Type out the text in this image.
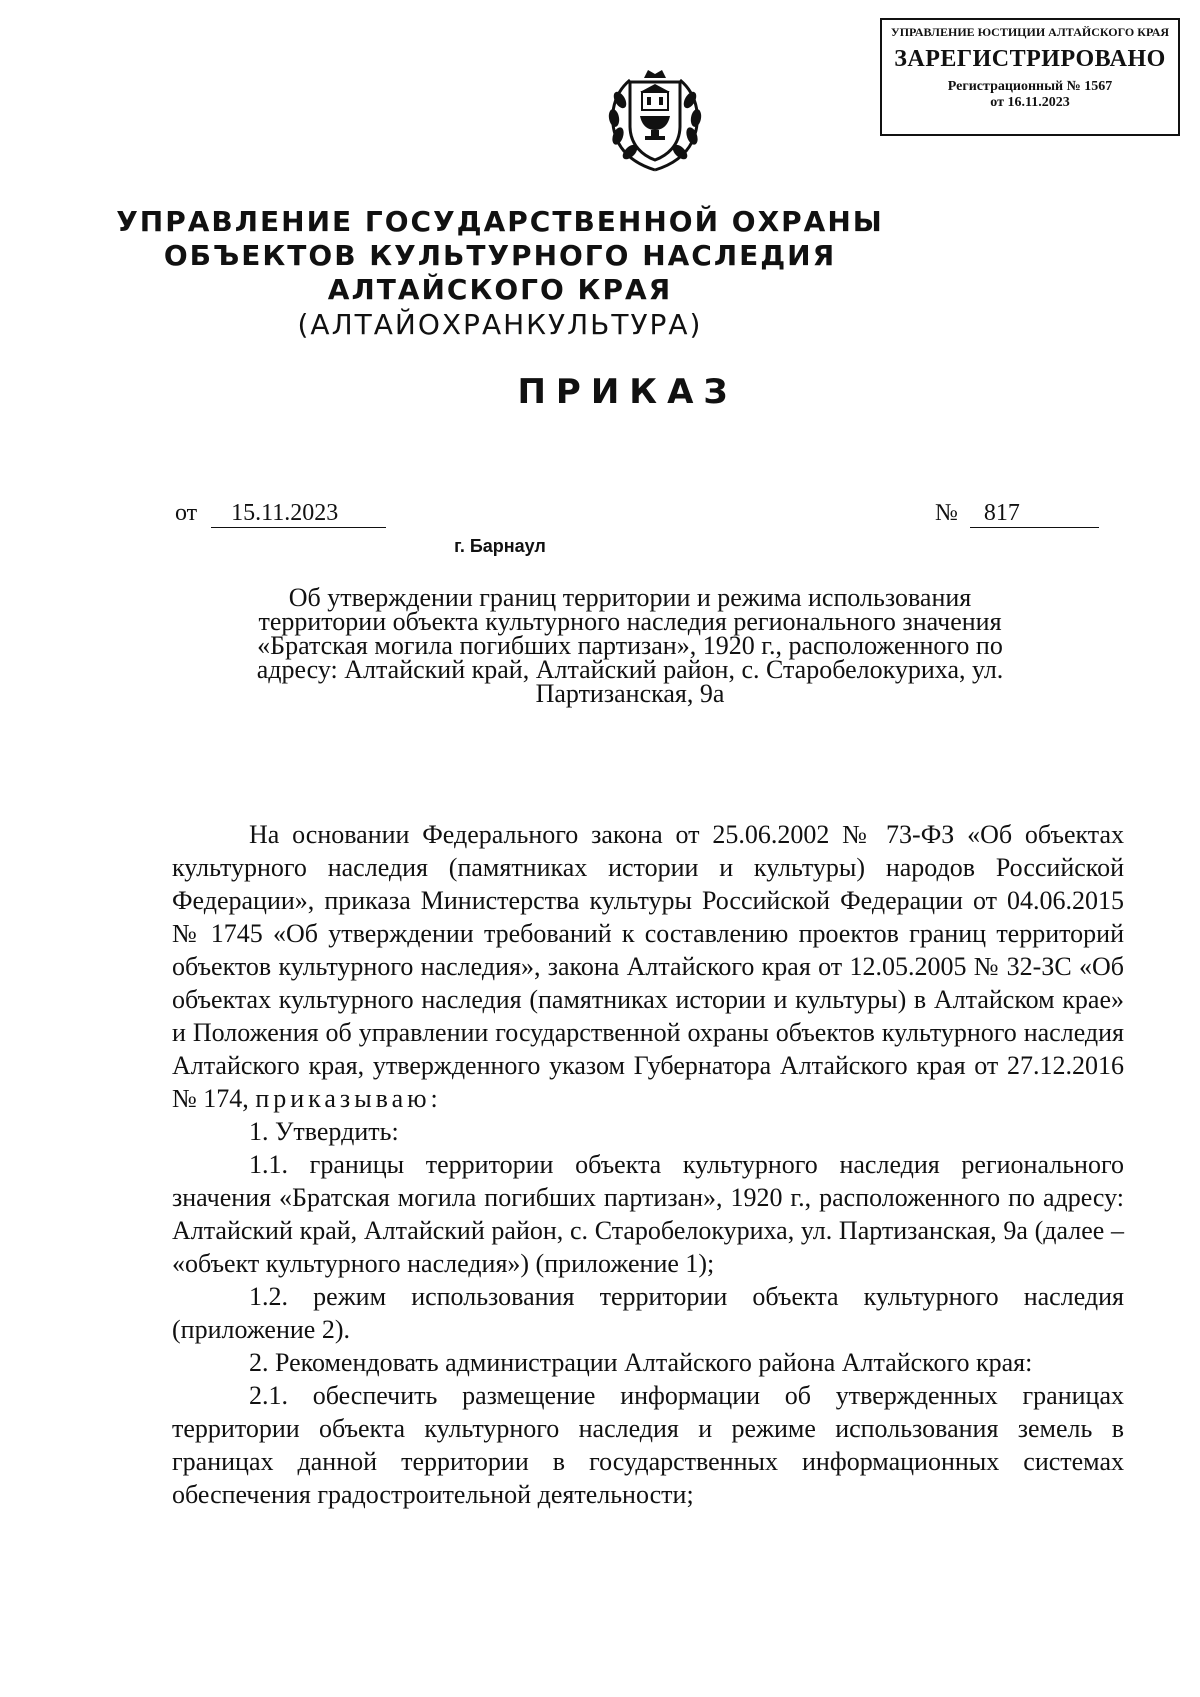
УПРАВЛЕНИЕ ЮСТИЦИИ АЛТАЙСКОГО КРАЯ
ЗАРЕГИСТРИРОВАНО
Регистрационный № 1567
от 16.11.2023
УПРАВЛЕНИЕ ГОСУДАРСТВЕННОЙ ОХРАНЫ
ОБЪЕКТОВ КУЛЬТУРНОГО НАСЛЕДИЯ
АЛТАЙСКОГО КРАЯ
(АЛТАЙОХРАНКУЛЬТУРА)
ПРИКАЗ
от 15.11.2023	№ 817
г. Барнаул
Об утверждении границ территории и режима использования территории объекта культурного наследия регионального значения «Братская могила погибших партизан», 1920 г., расположенного по адресу: Алтайский край, Алтайский район, с. Старобелокуриха, ул. Партизанская, 9а

На основании Федерального закона от 25.06.2002 № 73-ФЗ «Об объектах культурного наследия (памятниках истории и культуры) народов Российской Федерации», приказа Министерства культуры Российской Федерации от 04.06.2015 № 1745 «Об утверждении требований к составлению проектов границ территорий объектов культурного наследия», закона Алтайского края от 12.05.2005 № 32-ЗС «Об объектах культурного наследия (памятниках истории и культуры) в Алтайском крае» и Положения об управлении государственной охраны объектов культурного наследия Алтайского края, утвержденного указом Губернатора Алтайского края от 27.12.2016 № 174, приказываю:

1. Утвердить:

1.1. границы территории объекта культурного наследия регионального значения «Братская могила погибших партизан», 1920 г., расположенного по адресу: Алтайский край, Алтайский район, с. Старобелокуриха, ул. Партизанская, 9а (далее – «объект культурного наследия») (приложение 1);

1.2. режим использования территории объекта культурного наследия (приложение 2).

2. Рекомендовать администрации Алтайского района Алтайского края:

2.1. обеспечить размещение информации об утвержденных границах территории объекта культурного наследия и режиме использования земель в границах данной территории в государственных информационных системах обеспечения градостроительной деятельности;
